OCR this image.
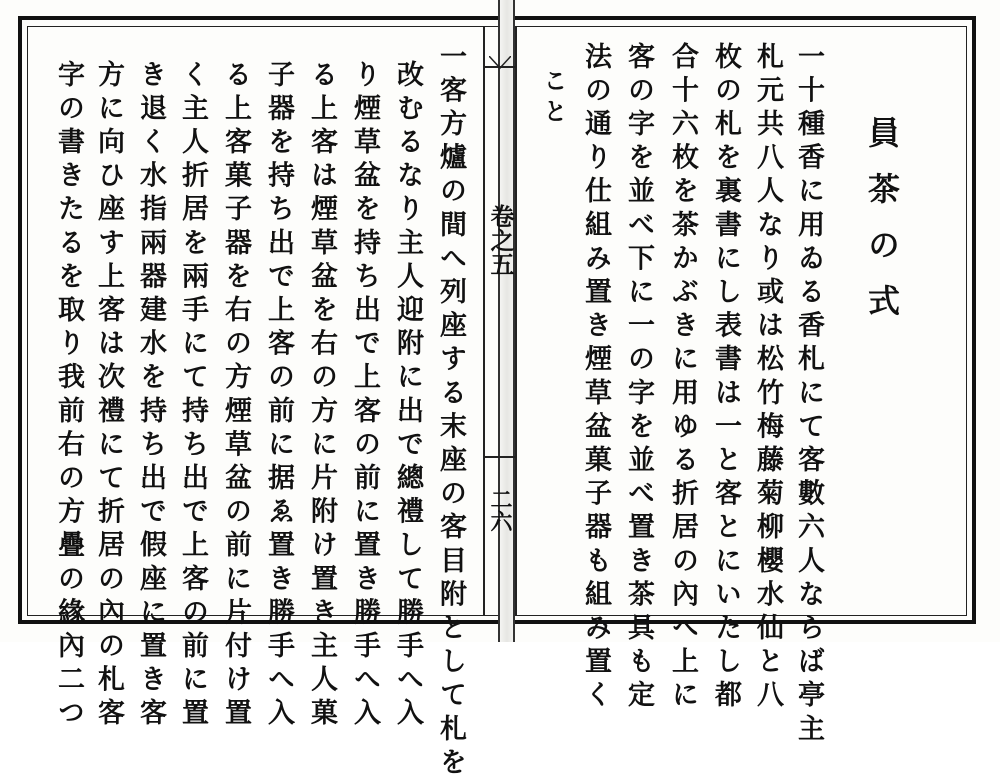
卷之五
二六
員茶の式
一十種香に用ゐる香札にて客數六人ならば亭主
札元共八人なり或は松竹梅藤菊柳櫻水仙と八
枚の札を裏書にし表書は一と客とにいたし都
合十六枚を茶かぶきに用ゆる折居の內へ上に
客の字を並べ下に一の字を並べ置き茶具も定
法の通り仕組み置き煙草盆菓子器も組み置く
こと
一客方爐の間へ列座する末座の客目附として札を
改むるなり主人迎附に出で總禮して勝手へ入
り煙草盆を持ち出で上客の前に置き勝手へ入
る上客は煙草盆を右の方に片附け置き主人菓
子器を持ち出で上客の前に据ゑ置き勝手へ入
る上客菓子器を右の方煙草盆の前に片付け置
く主人折居を兩手にて持ち出で上客の前に置
き退く水指兩器建水を持ち出で假座に置き客
方に向ひ座す上客は次禮にて折居の內の札客
字の書きたるを取り我前右の方疊の緣內二つ
